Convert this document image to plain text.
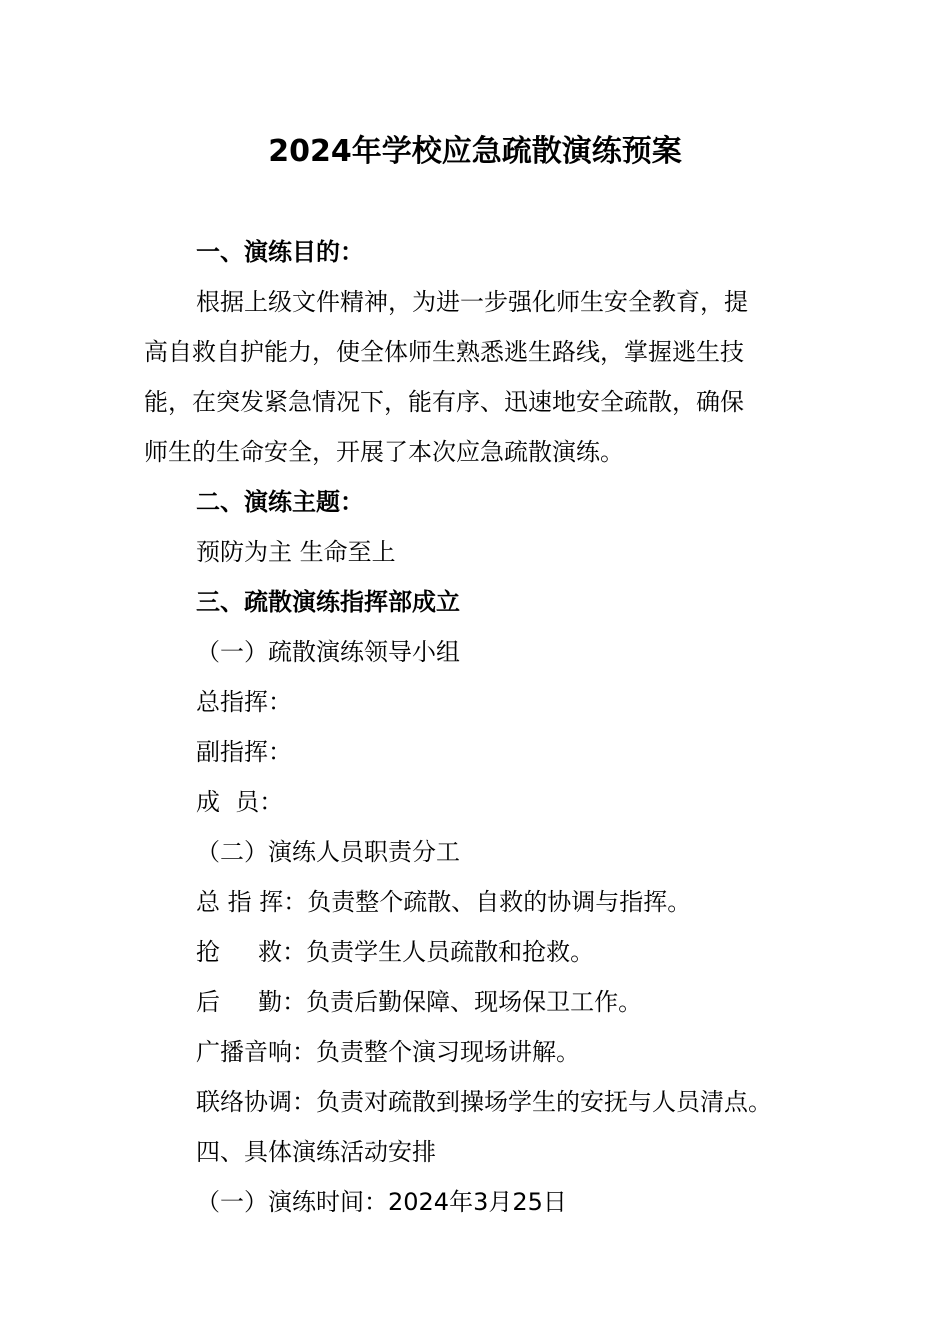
2024年学校应急疏散演练预案
一、演练目的：
根据上级文件精神，为进一步强化师生安全教育，提
高自救自护能力，使全体师生熟悉逃生路线，掌握逃生技
能，在突发紧急情况下，能有序、迅速地安全疏散，确保
师生的生命安全，开展了本次应急疏散演练。
二、演练主题：
预防为主 生命至上
三、疏散演练指挥部成立
（一）疏散演练领导小组
总指挥：
副指挥：
成  员：
（二）演练人员职责分工
总 指 挥：负责整个疏散、自救的协调与指挥。
抢     救：负责学生人员疏散和抢救。
后     勤：负责后勤保障、现场保卫工作。
广播音响：负责整个演习现场讲解。
联络协调：负责对疏散到操场学生的安抚与人员清点。
四、具体演练活动安排
（一）演练时间：2024年3月25日
